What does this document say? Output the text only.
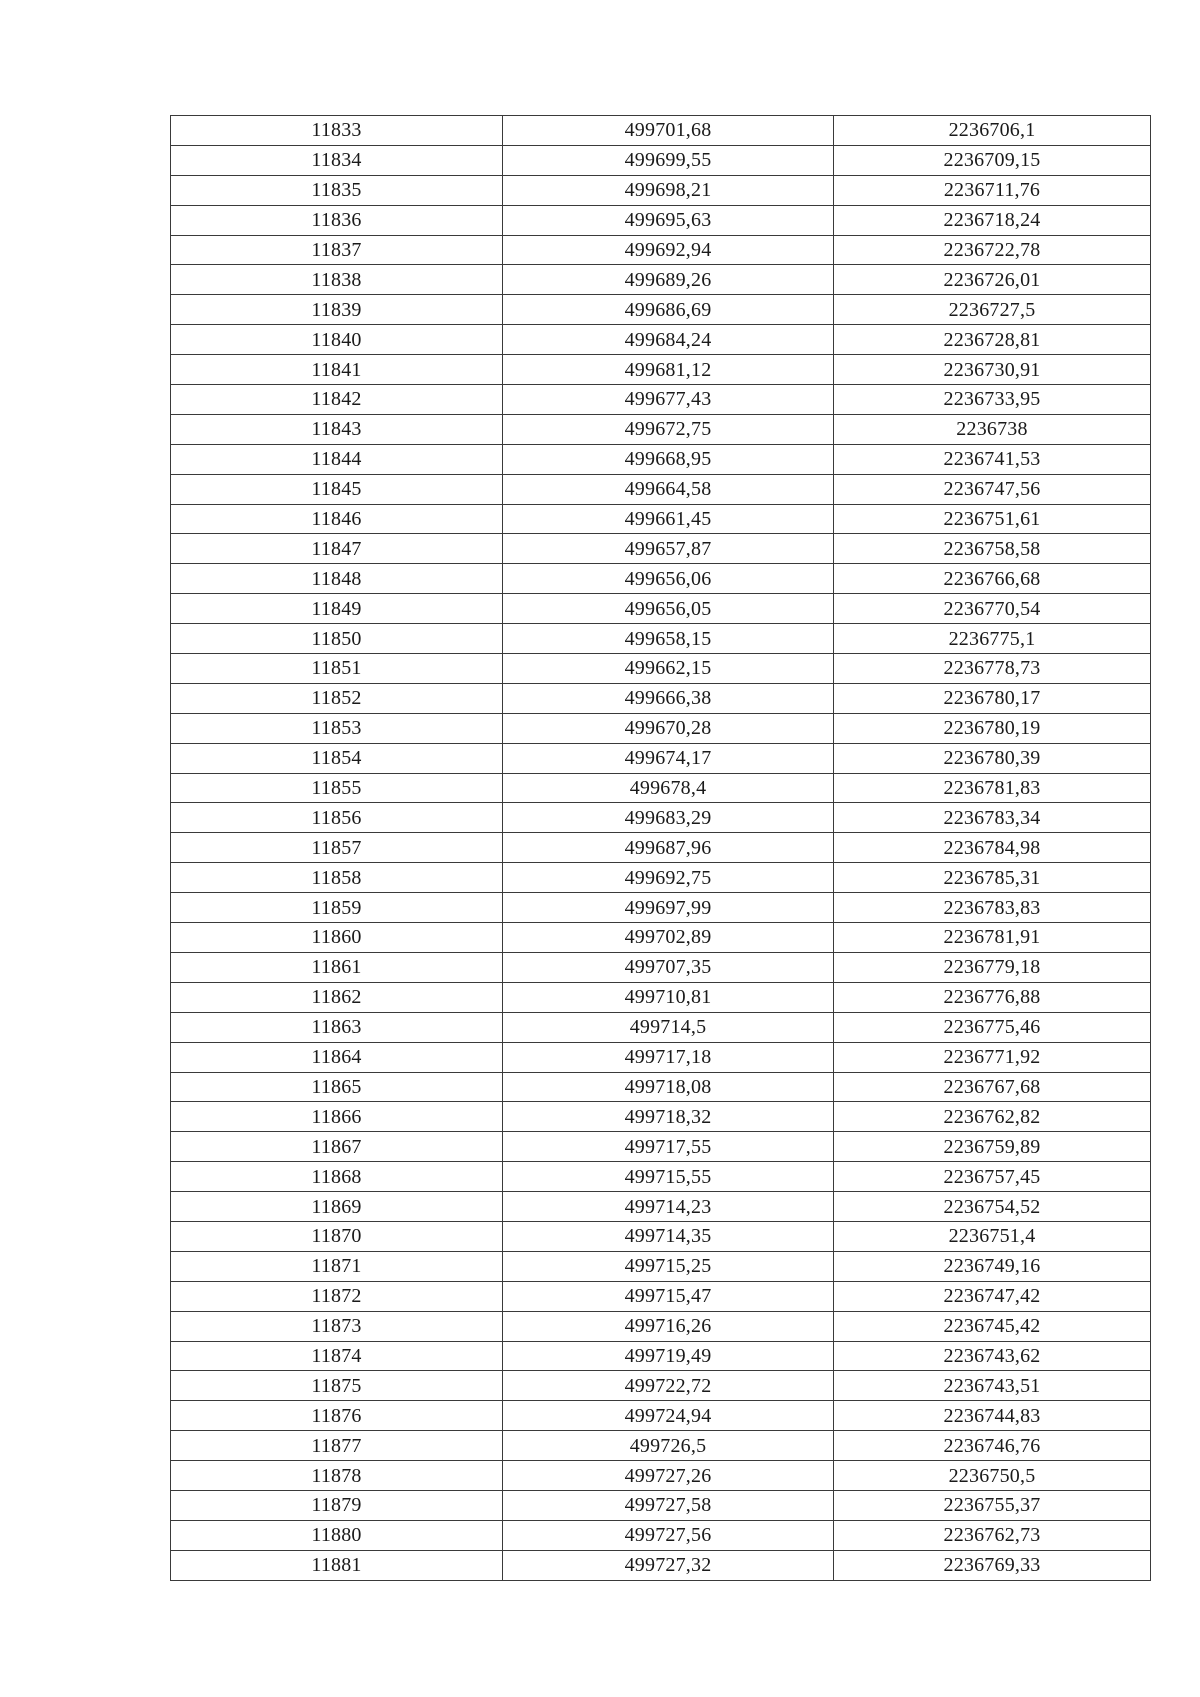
11833	499701,68	2236706,1
11834	499699,55	2236709,15
11835	499698,21	2236711,76
11836	499695,63	2236718,24
11837	499692,94	2236722,78
11838	499689,26	2236726,01
11839	499686,69	2236727,5
11840	499684,24	2236728,81
11841	499681,12	2236730,91
11842	499677,43	2236733,95
11843	499672,75	2236738
11844	499668,95	2236741,53
11845	499664,58	2236747,56
11846	499661,45	2236751,61
11847	499657,87	2236758,58
11848	499656,06	2236766,68
11849	499656,05	2236770,54
11850	499658,15	2236775,1
11851	499662,15	2236778,73
11852	499666,38	2236780,17
11853	499670,28	2236780,19
11854	499674,17	2236780,39
11855	499678,4	2236781,83
11856	499683,29	2236783,34
11857	499687,96	2236784,98
11858	499692,75	2236785,31
11859	499697,99	2236783,83
11860	499702,89	2236781,91
11861	499707,35	2236779,18
11862	499710,81	2236776,88
11863	499714,5	2236775,46
11864	499717,18	2236771,92
11865	499718,08	2236767,68
11866	499718,32	2236762,82
11867	499717,55	2236759,89
11868	499715,55	2236757,45
11869	499714,23	2236754,52
11870	499714,35	2236751,4
11871	499715,25	2236749,16
11872	499715,47	2236747,42
11873	499716,26	2236745,42
11874	499719,49	2236743,62
11875	499722,72	2236743,51
11876	499724,94	2236744,83
11877	499726,5	2236746,76
11878	499727,26	2236750,5
11879	499727,58	2236755,37
11880	499727,56	2236762,73
11881	499727,32	2236769,33
